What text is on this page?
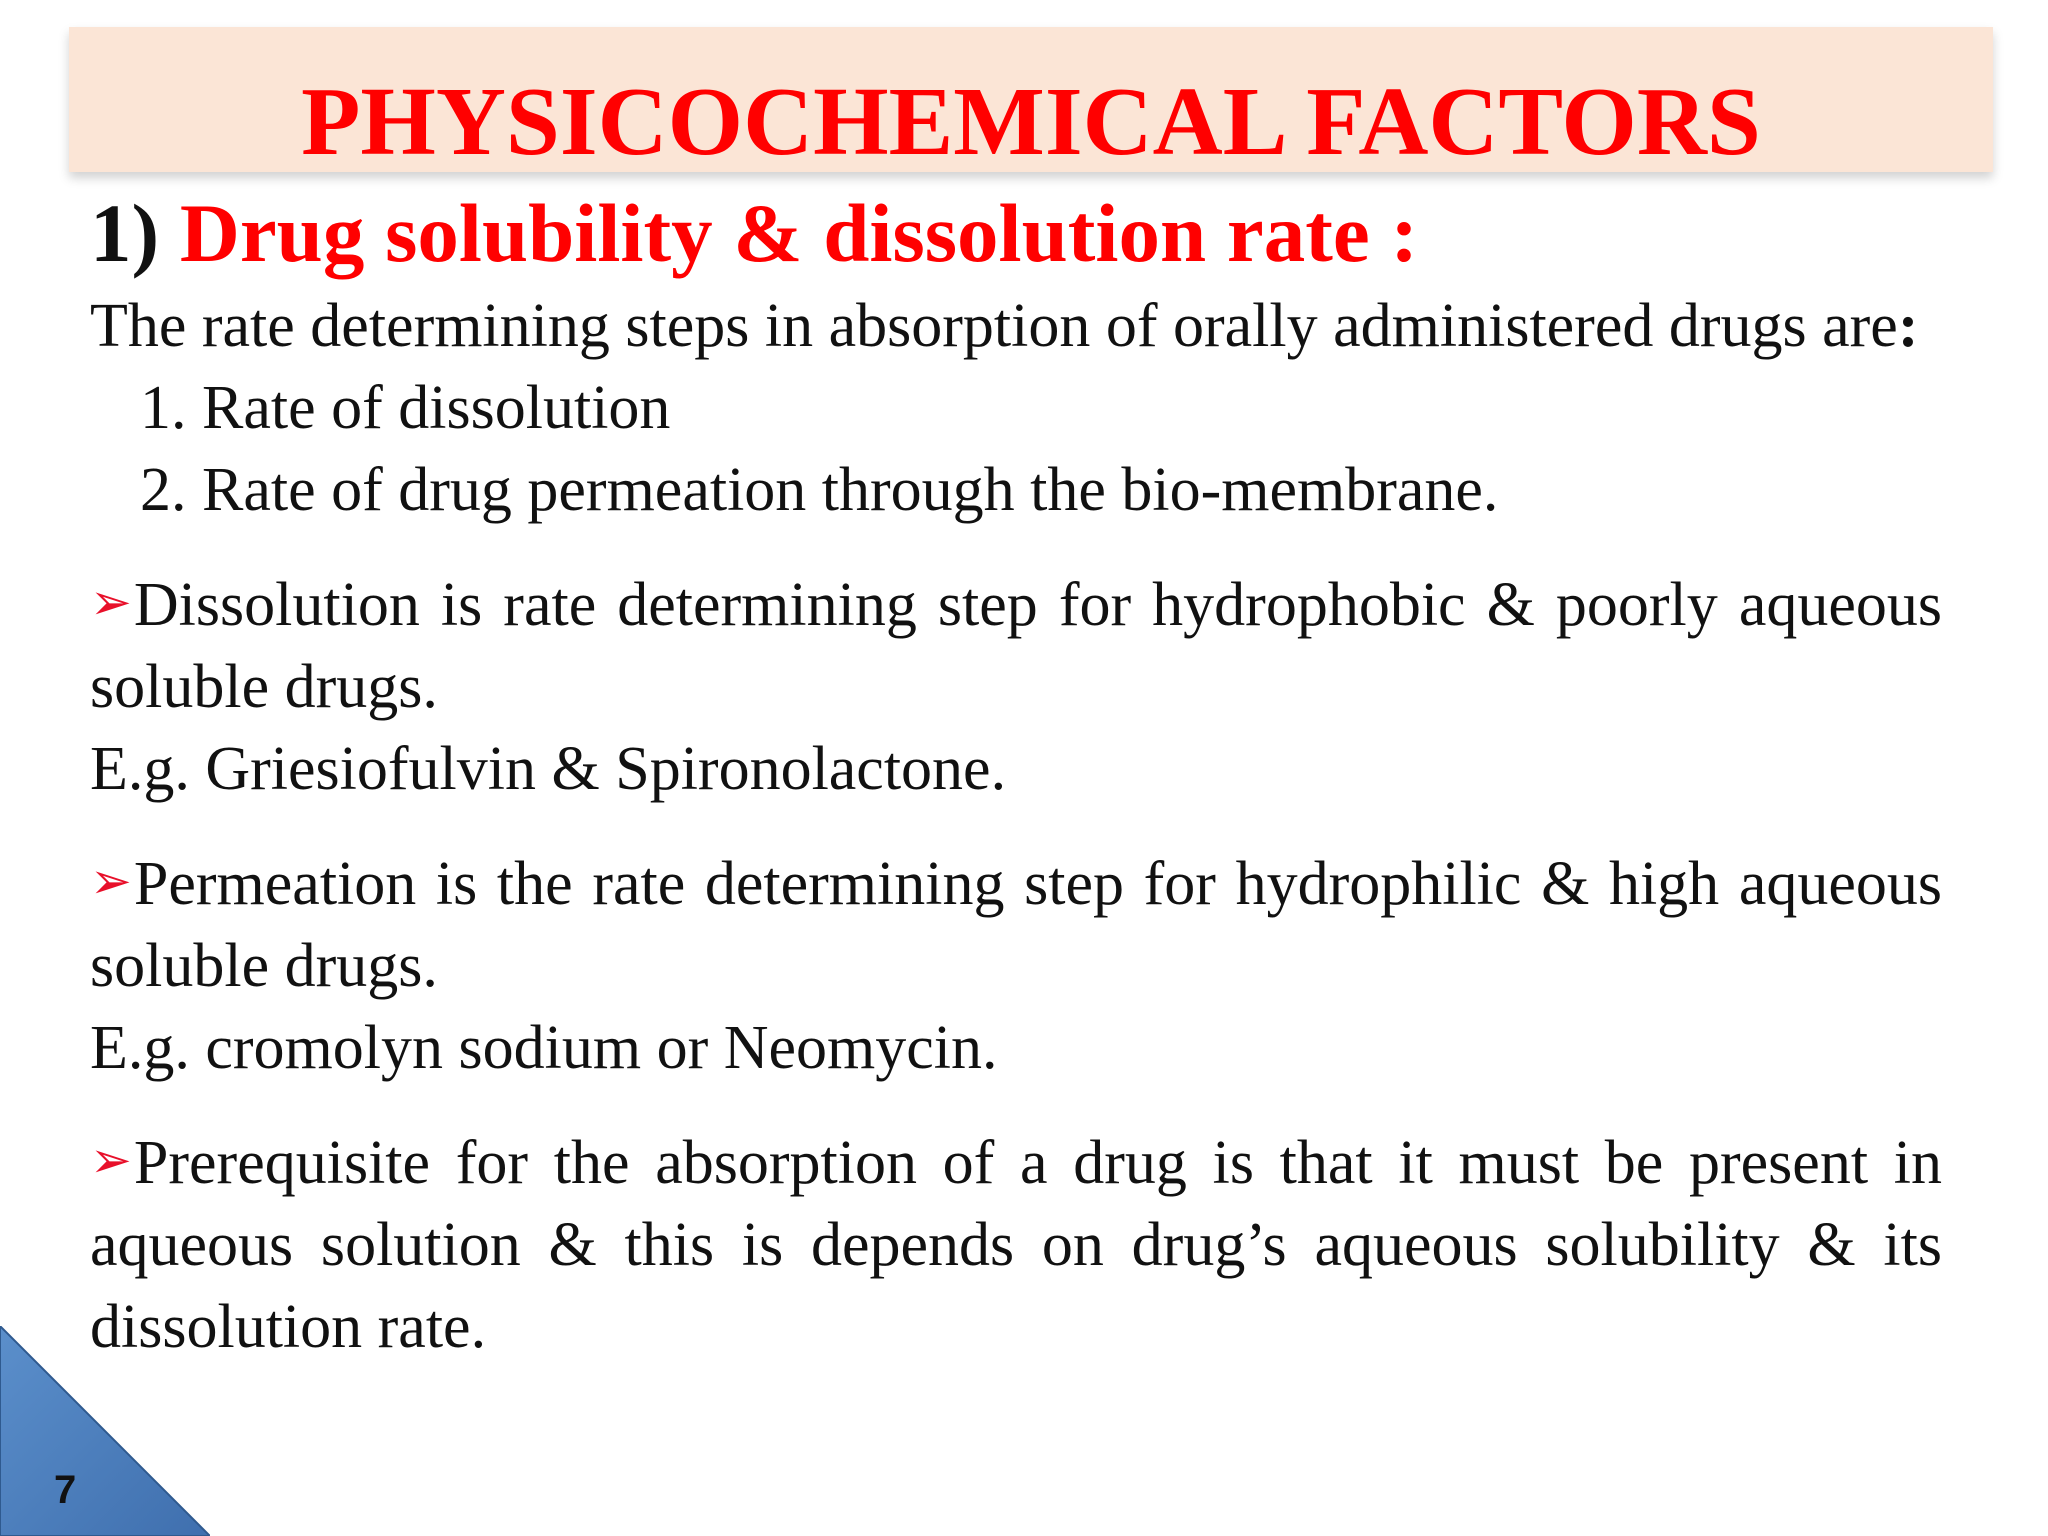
PHYSICOCHEMICAL FACTORS

1) Drug solubility & dissolution rate :

The rate determining steps in absorption of orally administered drugs are:

1. Rate of dissolution
2. Rate of drug permeation through the bio-membrane.

➢Dissolution is rate determining step for hydrophobic & poorly aqueous soluble drugs.

E.g. Griesiofulvin & Spironolactone.

➢Permeation is the rate determining step for hydrophilic & high aqueous soluble drugs.

E.g. cromolyn sodium or Neomycin.

➢Prerequisite for the absorption of a drug is that it must be present in aqueous solution & this is depends on drug’s aqueous solubility & its dissolution rate.

7
